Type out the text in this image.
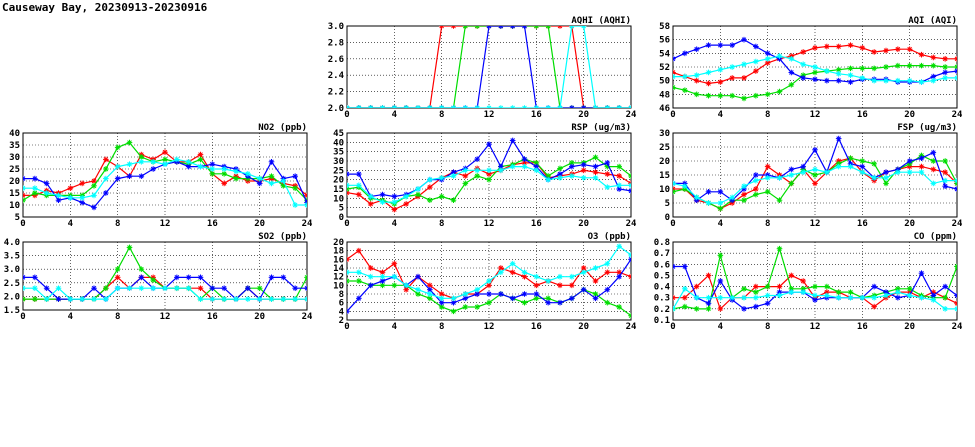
Causeway Bay, 20230913-20230916
0	4	8	12	16	20	24
2.0
2.2
2.4
2.6
2.8
3.0
AQHI (AQHI)
0	4	8	12	16	20	24
46
48
50
52
54
56
58
AQI (AQI)
0	4	8	12	16	20	24
5
10
15
20
25
30
35
40
NO2 (ppb)
0	4	8	12	16	20	24
0
5
10
15
20
25
30
35
40
45
RSP (ug/m3)
0	4	8	12	16	20	24
0
5
10
15
20
25
30
FSP (ug/m3)
0	4	8	12	16	20	24
1.5
2.0
2.5
3.0
3.5
4.0
SO2 (ppb)
0	4	8	12	16	20	24
2
4
6
8
10
12
14
16
18
20
O3 (ppb)
0	4	8	12	16	20	24
0.1
0.2
0.3
0.4
0.5
0.6
0.7
0.8
CO (ppm)
